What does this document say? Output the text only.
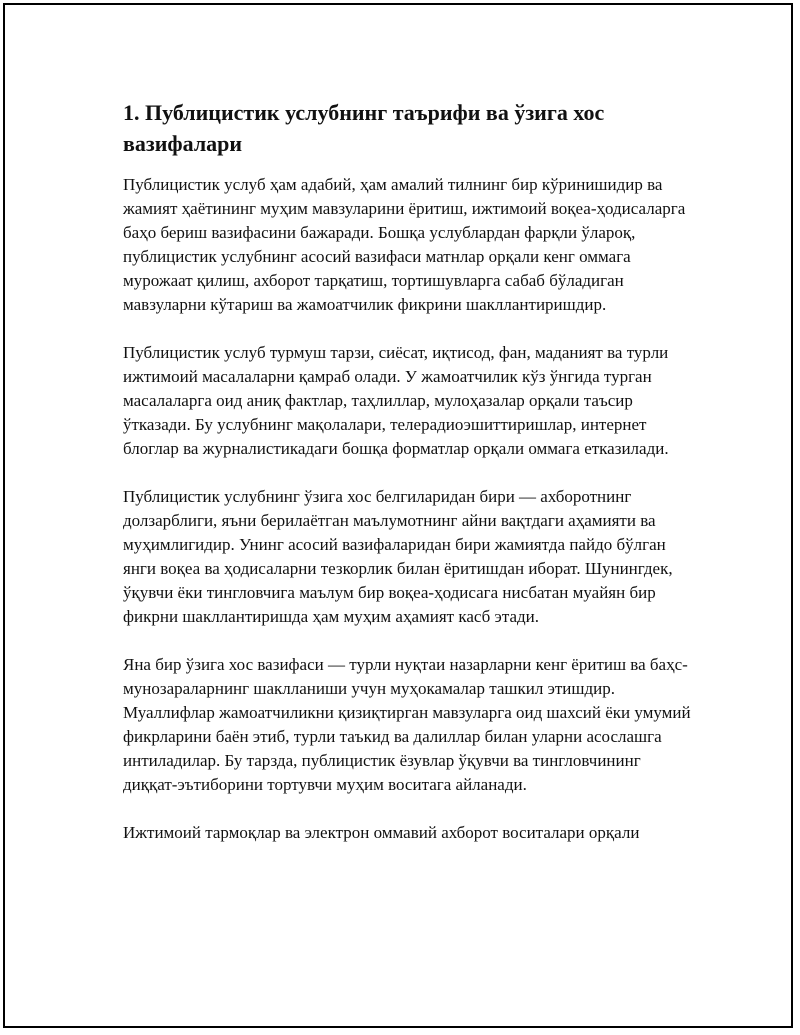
1. Публицистик услубнинг таърифи ва ўзига хос вазифалари

Публицистик услуб ҳам адабий, ҳам амалий тилнинг бир кўринишидир ва жамият ҳаётининг муҳим мавзуларини ёритиш, ижтимоий воқеа-ҳодисаларга баҳо бериш вазифасини бажаради. Бошқа услублардан фарқли ўлароқ, публицистик услубнинг асосий вазифаси матнлар орқали кенг оммага мурожаат қилиш, ахборот тарқатиш, тортишувларга сабаб бўладиган мавзуларни кўтариш ва жамоатчилик фикрини шакллантиришдир.

Публицистик услуб турмуш тарзи, сиёсат, иқтисод, фан, маданият ва турли ижтимоий масалаларни қамраб олади. У жамоатчилик кўз ўнгида турган масалаларга оид аниқ фактлар, таҳлиллар, мулоҳазалар орқали таъсир ўтказади. Бу услубнинг мақолалари, телерадиоэшиттиришлар, интернет блоглар ва журналистикадаги бошқа форматлар орқали оммага етказилади.

Публицистик услубнинг ўзига хос белгиларидан бири — ахборотнинг долзарблиги, яъни берилаётган маълумотнинг айни вақтдаги аҳамияти ва муҳимлигидир. Унинг асосий вазифаларидан бири жамиятда пайдо бўлган янги воқеа ва ҳодисаларни тезкорлик билан ёритишдан иборат. Шунингдек, ўқувчи ёки тингловчига маълум бир воқеа-ҳодисага нисбатан муайян бир фикрни шакллантиришда ҳам муҳим аҳамият касб этади.

Яна бир ўзига хос вазифаси — турли нуқтаи назарларни кенг ёритиш ва баҳс-мунозараларнинг шаклланиши учун муҳокамалар ташкил этишдир. Муаллифлар жамоатчиликни қизиқтирган мавзуларга оид шахсий ёки умумий фикрларини баён этиб, турли таъкид ва далиллар билан уларни асослашга интиладилар. Бу тарзда, публицистик ёзувлар ўқувчи ва тингловчининг диққат-эътиборини тортувчи муҳим воситага айланади.

Ижтимоий тармоқлар ва электрон оммавий ахборот воситалари орқали
